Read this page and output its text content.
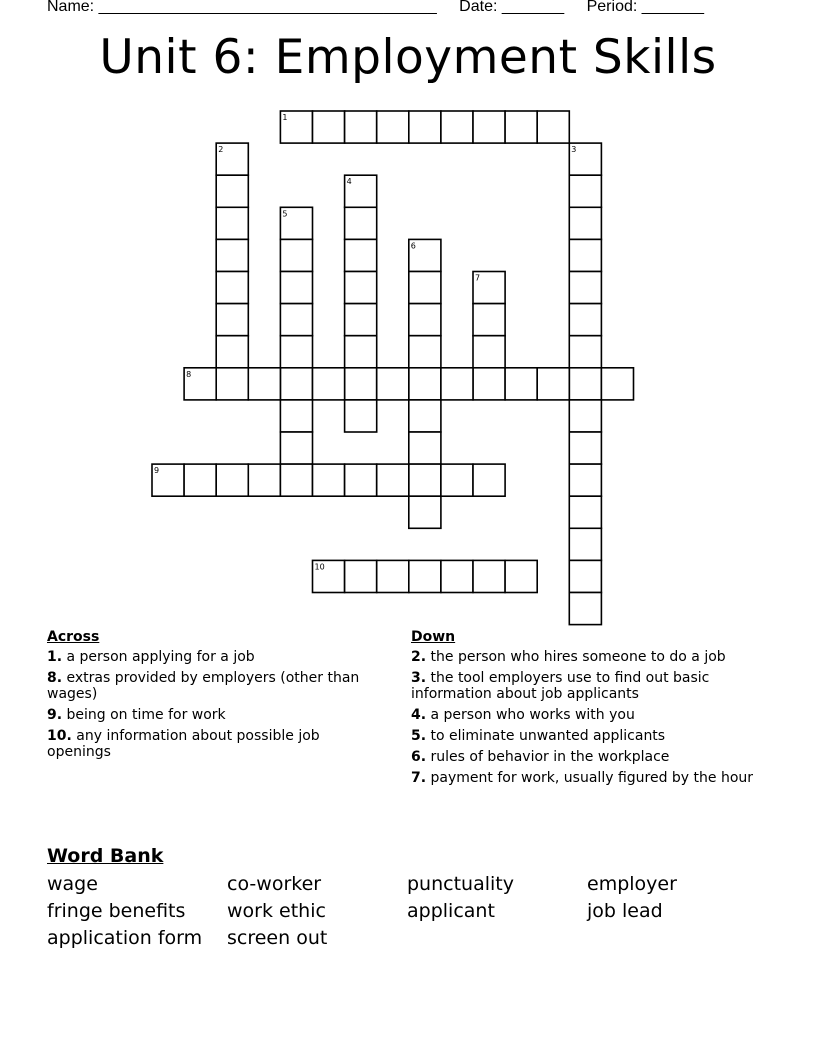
Name: ______________________________________ Date: _______ Period: _______
Unit 6: Employment Skills
1
2	3
4
5
6
7
8
9
10
Across
1. a person applying for a job
8. extras provided by employers (other than wages)
9. being on time for work
10. any information about possible job openings
Down
2. the person who hires someone to do a job
3. the tool employers use to find out basic information about job applicants
4. a person who works with you
5. to eliminate unwanted applicants
6. rules of behavior in the workplace
7. payment for work, usually figured by the hour
Word Bank
wage	co-worker	punctuality	employer
fringe benefits	work ethic	applicant	job lead
application form	screen out
